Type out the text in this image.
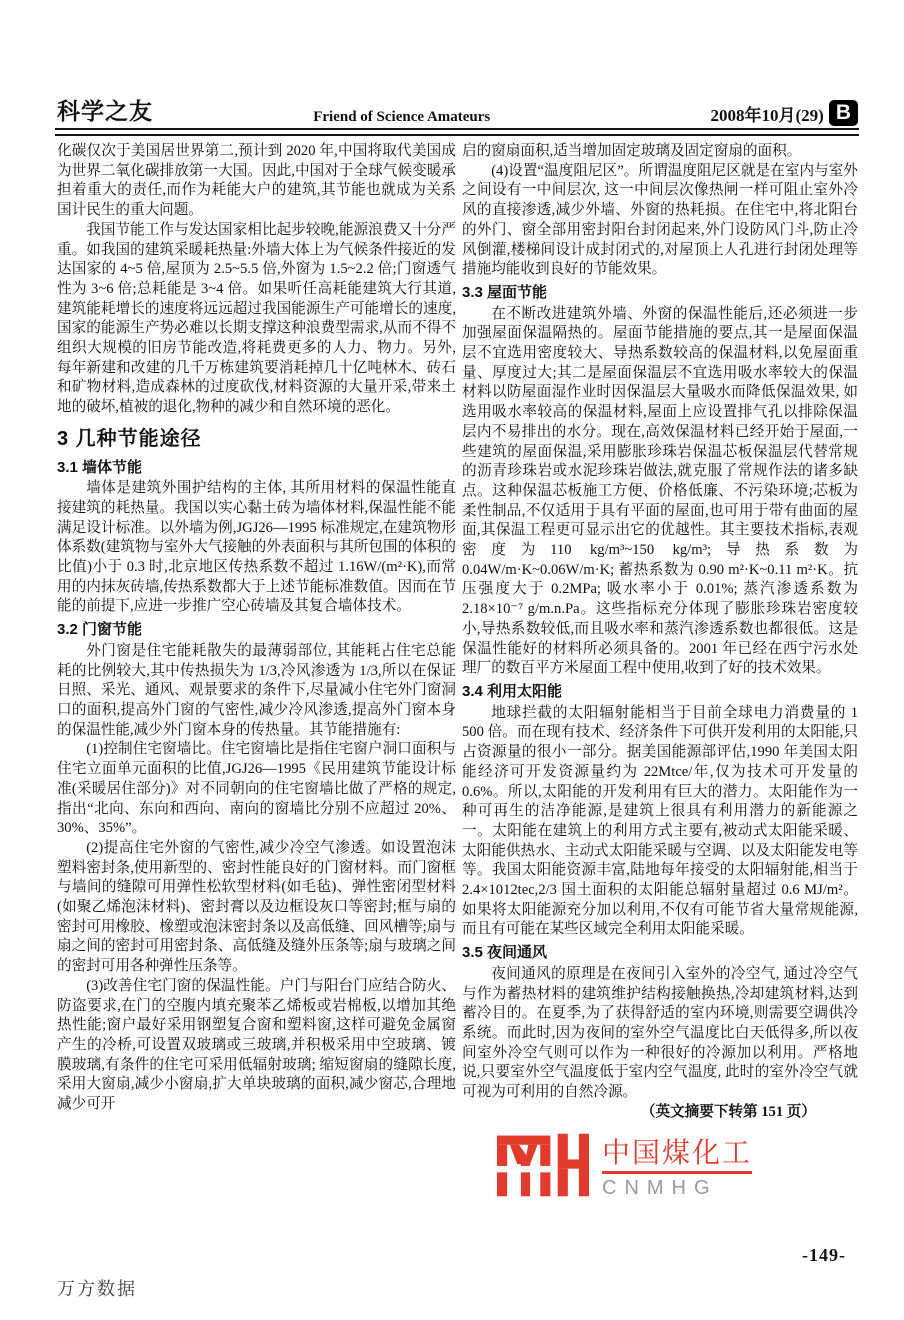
科学之友	Friend of Science Amateurs	2008年10月(29) B

化碳仅次于美国居世界第二,预计到 2020 年,中国将取代美国成为世界二氧化碳排放第一大国。因此,中国对于全球气候变暖承担着重大的责任,而作为耗能大户的建筑,其节能也就成为关系国计民生的重大问题。

我国节能工作与发达国家相比起步较晚,能源浪费又十分严重。如我国的建筑采暖耗热量:外墙大体上为气候条件接近的发达国家的 4~5 倍,屋顶为 2.5~5.5 倍,外窗为 1.5~2.2 倍;门窗透气性为 3~6 倍;总耗能是 3~4 倍。如果听任高耗能建筑大行其道,建筑能耗增长的速度将远远超过我国能源生产可能增长的速度,国家的能源生产势必难以长期支撑这种浪费型需求,从而不得不组织大规模的旧房节能改造,将耗费更多的人力、物力。另外,每年新建和改建的几千万栋建筑要消耗掉几十亿吨林木、砖石和矿物材料,造成森林的过度砍伐,材料资源的大量开采,带来土地的破坏,植被的退化,物种的减少和自然环境的恶化。

3 几种节能途径
3.1 墙体节能

墙体是建筑外围护结构的主体, 其所用材料的保温性能直接建筑的耗热量。我国以实心黏土砖为墙体材料,保温性能不能满足设计标准。以外墙为例,JGJ26—1995 标准规定,在建筑物形体系数(建筑物与室外大气接触的外表面积与其所包围的体积的比值)小于 0.3 时,北京地区传热系数不超过 1.16W/(m²·K),而常用的内抹灰砖墙,传热系数都大于上述节能标准数值。因而在节能的前提下,应进一步推广空心砖墙及其复合墙体技术。

3.2 门窗节能

外门窗是住宅能耗散失的最薄弱部位, 其能耗占住宅总能耗的比例较大,其中传热损失为 1/3,冷风渗透为 1/3,所以在保证日照、采光、通风、观景要求的条件下,尽量减小住宅外门窗洞口的面积,提高外门窗的气密性,减少冷风渗透,提高外门窗本身的保温性能,减少外门窗本身的传热量。其节能措施有:

(1)控制住宅窗墙比。住宅窗墙比是指住宅窗户洞口面积与住宅立面单元面积的比值,JGJ26—1995《民用建筑节能设计标准(采暖居住部分)》对不同朝向的住宅窗墙比做了严格的规定,指出“北向、东向和西向、南向的窗墙比分别不应超过 20%、30%、35%”。

(2)提高住宅外窗的气密性,减少冷空气渗透。如设置泡沫塑料密封条,使用新型的、密封性能良好的门窗材料。而门窗框与墙间的缝隙可用弹性松软型材料(如毛毡)、弹性密闭型材料(如聚乙烯泡沫材料)、密封膏以及边框设灰口等密封;框与扇的密封可用橡胶、橡塑或泡沫密封条以及高低缝、回风槽等;扇与扇之间的密封可用密封条、高低缝及缝外压条等;扇与玻璃之间的密封可用各种弹性压条等。

(3)改善住宅门窗的保温性能。户门与阳台门应结合防火、防盗要求,在门的空腹内填充聚苯乙烯板或岩棉板,以增加其绝热性能;窗户最好采用钢塑复合窗和塑料窗,这样可避免金属窗产生的冷桥,可设置双玻璃或三玻璃,并积极采用中空玻璃、镀膜玻璃,有条件的住宅可采用低辐射玻璃; 缩短窗扇的缝隙长度, 采用大窗扇,减少小窗扇,扩大单块玻璃的面积,减少窗芯,合理地减少可开

启的窗扇面积,适当增加固定玻璃及固定窗扇的面积。

(4)设置“温度阻尼区”。所谓温度阻尼区就是在室内与室外之间设有一中间层次, 这一中间层次像热闸一样可阻止室外冷风的直接渗透,减少外墙、外窗的热耗损。在住宅中,将北阳台的外门、窗全部用密封阳台封闭起来,外门设防风门斗,防止冷风倒灌,楼梯间设计成封闭式的,对屋顶上人孔进行封闭处理等措施均能收到良好的节能效果。

3.3 屋面节能

在不断改进建筑外墙、外窗的保温性能后,还必须进一步加强屋面保温隔热的。屋面节能措施的要点,其一是屋面保温层不宜选用密度较大、导热系数较高的保温材料,以免屋面重量、厚度过大;其二是屋面保温层不宜选用吸水率较大的保温材料以防屋面湿作业时因保温层大量吸水而降低保温效果, 如选用吸水率较高的保温材料,屋面上应设置排气孔以排除保温层内不易排出的水分。现在,高效保温材料已经开始于屋面,一些建筑的屋面保温,采用膨胀珍珠岩保温芯板保温层代替常规的沥青珍珠岩或水泥珍珠岩做法,就克服了常规作法的诸多缺点。这种保温芯板施工方便、价格低廉、不污染环境;芯板为柔性制品,不仅适用于具有平面的屋面,也可用于带有曲面的屋面,其保温工程更可显示出它的优越性。其主要技术指标,表观密度为110 kg/m³~150 kg/m³;导热系数为0.04W/m·K~0.06W/m·K; 蓄热系数为 0.90 m²·K~0.11 m²·K。抗压强度大于 0.2MPa; 吸水率小于 0.01%; 蒸汽渗透系数为 2.18×10⁻⁷ g/m.n.Pa。这些指标充分体现了膨胀珍珠岩密度较小,导热系数较低,而且吸水率和蒸汽渗透系数也都很低。这是保温性能好的材料所必须具备的。2001 年已经在西宁污水处理厂的数百平方米屋面工程中使用,收到了好的技术效果。

3.4 利用太阳能

地球拦截的太阳辐射能相当于目前全球电力消费量的 1 500 倍。而在现有技术、经济条件下可供开发利用的太阳能,只占资源量的很小一部分。据美国能源部评估,1990 年美国太阳能经济可开发资源量约为 22Mtce/年,仅为技术可开发量的 0.6%。所以,太阳能的开发利用有巨大的潜力。太阳能作为一种可再生的洁净能源,是建筑上很具有利用潜力的新能源之一。太阳能在建筑上的利用方式主要有,被动式太阳能采暖、太阳能供热水、主动式太阳能采暖与空调、以及太阳能发电等等。我国太阳能资源丰富,陆地每年接受的太阳辐射能,相当于 2.4×1012tec,2/3 国土面积的太阳能总辐射量超过 0.6 MJ/m²。如果将太阳能源充分加以利用,不仅有可能节省大量常规能源,而且有可能在某些区域完全利用太阳能采暖。

3.5 夜间通风

夜间通风的原理是在夜间引入室外的冷空气, 通过冷空气与作为蓄热材料的建筑维护结构接触换热,冷却建筑材料,达到蓄冷目的。在夏季,为了获得舒适的室内环境,则需要空调供冷系统。而此时,因为夜间的室外空气温度比白天低得多,所以夜间室外冷空气则可以作为一种很好的冷源加以利用。严格地说,只要室外空气温度低于室内空气温度, 此时的室外冷空气就可视为可利用的自然冷源。

（英文摘要下转第 151 页）

中国煤化工
CNMHG
-149-
万方数据
